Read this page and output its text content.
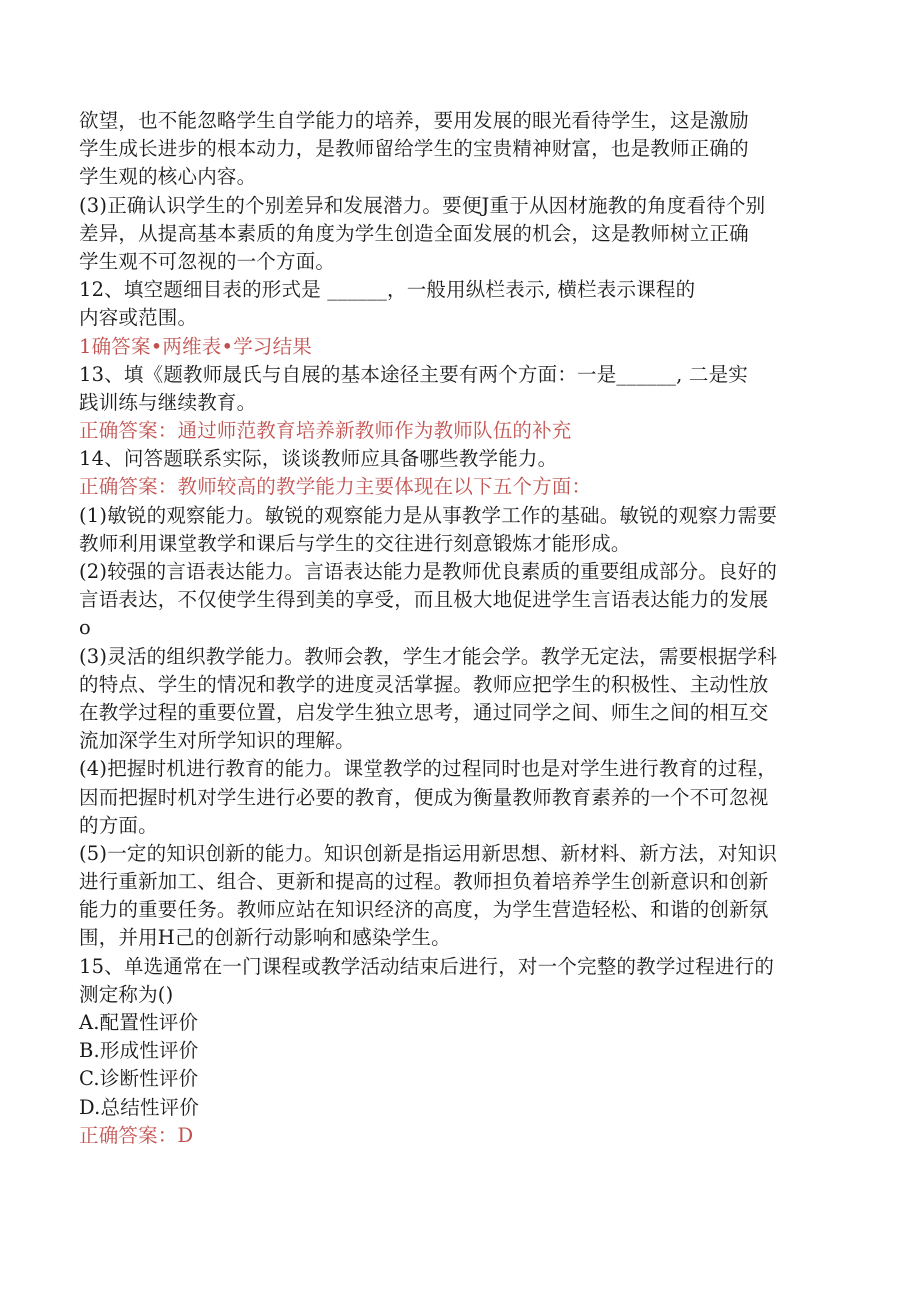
欲望，也不能忽略学生自学能力的培养，要用发展的眼光看待学生，这是激励
学生成长进步的根本动力，是教师留给学生的宝贵精神财富，也是教师正确的
学生观的核心内容。
(3)正确认识学生的个别差异和发展潜力。要便J重于从因材施教的角度看待个别
差异，从提高基本素质的角度为学生创造全面发展的机会，这是教师树立正确
学生观不可忽视的一个方面。
12、填空题细目表的形式是 ______，一般用纵栏表示, 横栏表示课程的
内容或范围。
1确答案•两维表•学习结果
13、填《题教师晟氏与自展的基本途径主要有两个方面：一是______, 二是实
践训练与继续教育。
正确答案：通过师范教育培养新教师作为教师队伍的补充
14、问答题联系实际，谈谈教师应具备哪些教学能力。
正确答案：教师较高的教学能力主要体现在以下五个方面：
(1)敏锐的观察能力。敏锐的观察能力是从事教学工作的基础。敏锐的观察力需要
教师利用课堂教学和课后与学生的交往进行刻意锻炼才能形成。
(2)较强的言语表达能力。言语表达能力是教师优良素质的重要组成部分。良好的
言语表达，不仅使学生得到美的享受，而且极大地促进学生言语表达能力的发展
o
(3)灵活的组织教学能力。教师会教，学生才能会学。教学无定法，需要根据学科
的特点、学生的情况和教学的进度灵活掌握。教师应把学生的积极性、主动性放
在教学过程的重要位置，启发学生独立思考，通过同学之间、师生之间的相互交
流加深学生对所学知识的理解。
(4)把握时机进行教育的能力。课堂教学的过程同时也是对学生进行教育的过程，
因而把握时机对学生进行必要的教育，便成为衡量教师教育素养的一个不可忽视
的方面。
(5)一定的知识创新的能力。知识创新是指运用新思想、新材料、新方法，对知识
进行重新加工、组合、更新和提高的过程。教师担负着培养学生创新意识和创新
能力的重要任务。教师应站在知识经济的高度，为学生营造轻松、和谐的创新氛
围，并用H己的创新行动影响和感染学生。
15、单选通常在一门课程或教学活动结束后进行，对一个完整的教学过程进行的
测定称为()
A.配置性评价
B.形成性评价
C.诊断性评价
D.总结性评价
正确答案：D
